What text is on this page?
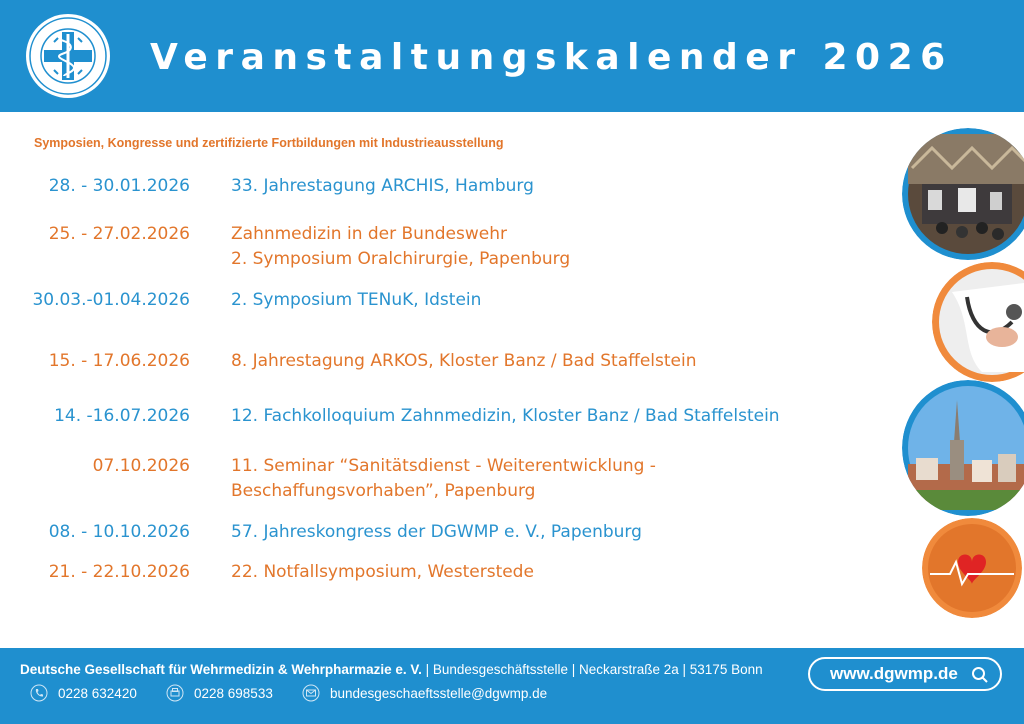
Veranstaltungskalender 2026
Symposien, Kongresse und zertifizierte Fortbildungen mit Industrieausstellung
28. - 30.01.2026 33. Jahrestagung ARCHIS, Hamburg
25. - 27.02.2026 Zahnmedizin in der Bundeswehr
2. Symposium Oralchirurgie, Papenburg
30.03.-01.04.2026 2. Symposium TENuK, Idstein
15. - 17.06.2026 8. Jahrestagung ARKOS, Kloster Banz / Bad Staffelstein
14. -16.07.2026 12. Fachkolloquium Zahnmedizin, Kloster Banz / Bad Staffelstein
07.10.2026 11. Seminar “Sanitätsdienst - Weiterentwicklung -
Beschaffungsvorhaben”, Papenburg
08. - 10.10.2026 57. Jahreskongress der DGWMP e. V., Papenburg
21. - 22.10.2026 22. Notfallsymposium, Westerstede
Deutsche Gesellschaft für Wehrmedizin & Wehrpharmazie e. V. | Bundesgeschäftsstelle | Neckarstraße 2a | 53175 Bonn
0228 632420	0228 698533	bundesgeschaeftsstelle@dgwmp.de
www.dgwmp.de
